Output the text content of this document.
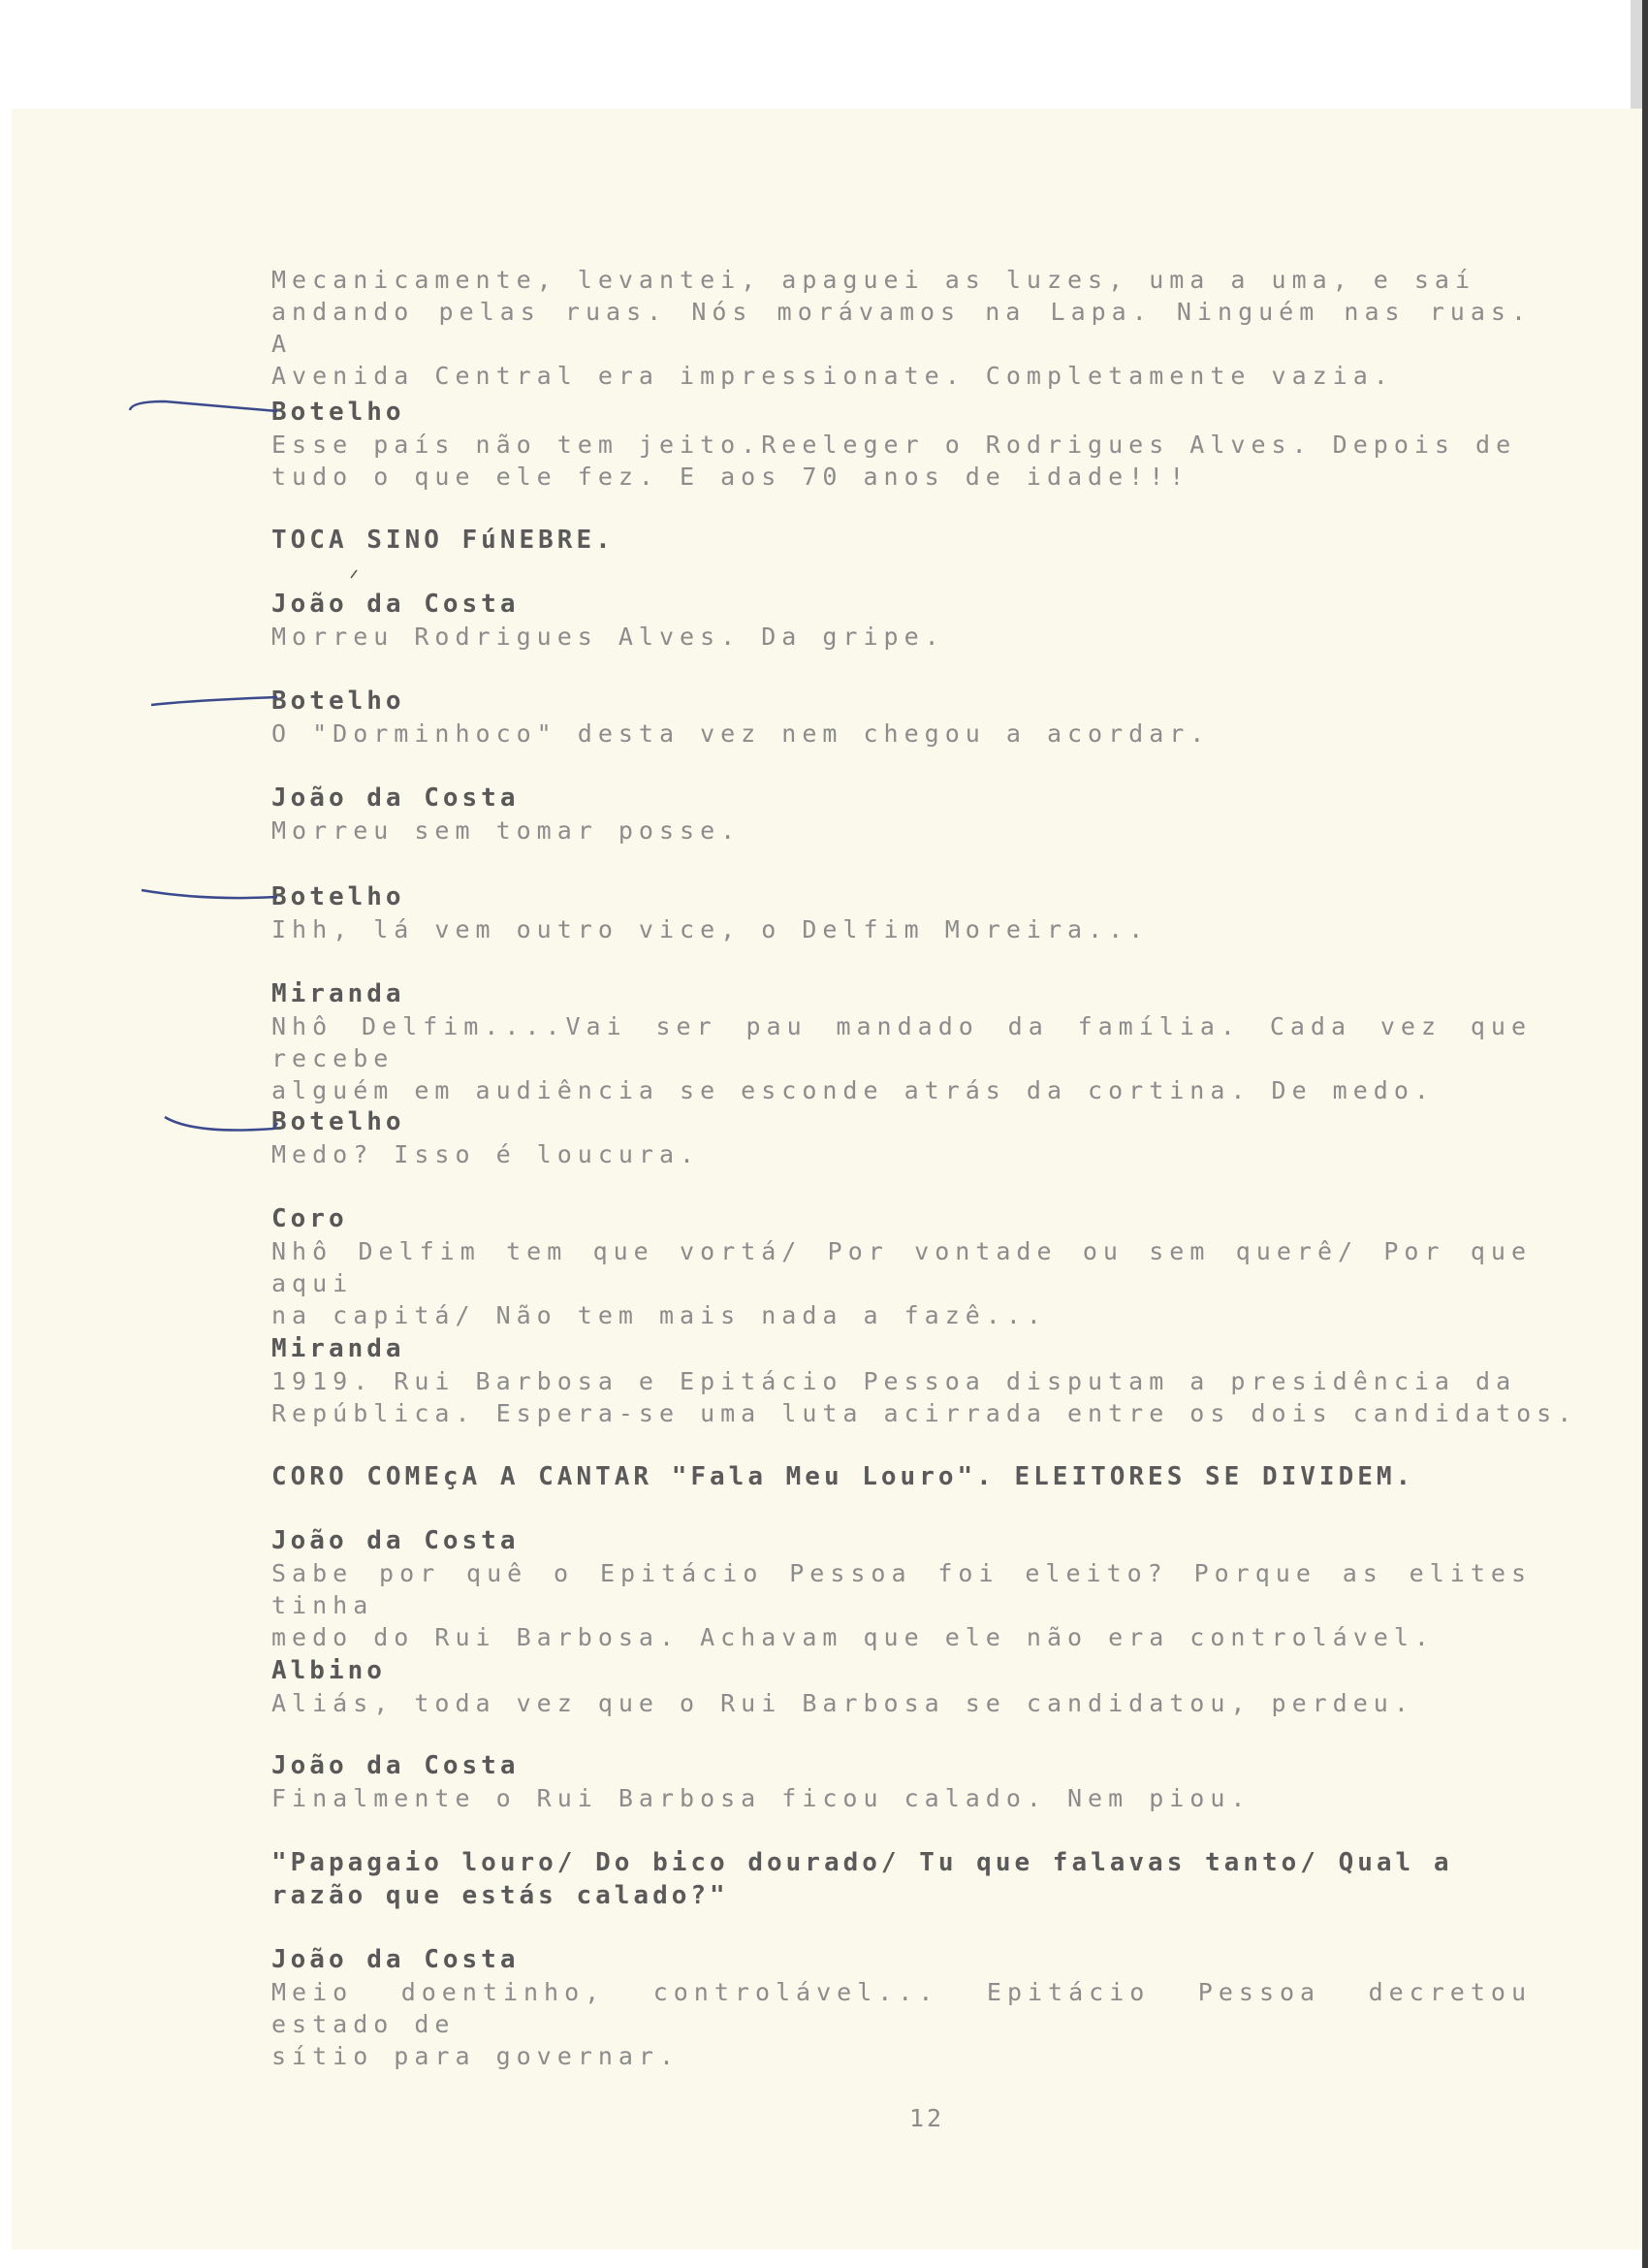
Mecanicamente, levantei, apaguei as luzes, uma a uma, e saí
andando pelas ruas. Nós morávamos na Lapa. Ninguém nas ruas. A
Avenida Central era impressionate. Completamente vazia.
Botelho
Esse país não tem jeito.Reeleger o Rodrigues Alves. Depois de
tudo o que ele fez. E aos 70 anos de idade!!!
TOCA SINO FúNEBRE.
João da Costa
Morreu Rodrigues Alves. Da gripe.
Botelho
O "Dorminhoco" desta vez nem chegou a acordar.
João da Costa
Morreu sem tomar posse.
Botelho
Ihh, lá vem outro vice, o Delfim Moreira...
Miranda
Nhô Delfim....Vai ser pau mandado da família. Cada vez que recebe
alguém em audiência se esconde atrás da cortina. De medo.
Botelho
Medo? Isso é loucura.
Coro
Nhô Delfim tem que vortá/ Por vontade ou sem querê/ Por que aqui
na capitá/ Não tem mais nada a fazê...
Miranda
1919. Rui Barbosa e Epitácio Pessoa disputam a presidência da
República. Espera-se uma luta acirrada entre os dois candidatos.
CORO COMEçA A CANTAR "Fala Meu Louro". ELEITORES SE DIVIDEM.
João da Costa
Sabe por quê o Epitácio Pessoa foi eleito? Porque as elites tinha
medo do Rui Barbosa. Achavam que ele não era controlável.
Albino
Aliás, toda vez que o Rui Barbosa se candidatou, perdeu.
João da Costa
Finalmente o Rui Barbosa ficou calado. Nem piou.
"Papagaio louro/ Do bico dourado/ Tu que falavas tanto/ Qual a
razão que estás calado?"
João da Costa
Meio doentinho, controlável... Epitácio Pessoa decretou estado de
sítio para governar.
12
